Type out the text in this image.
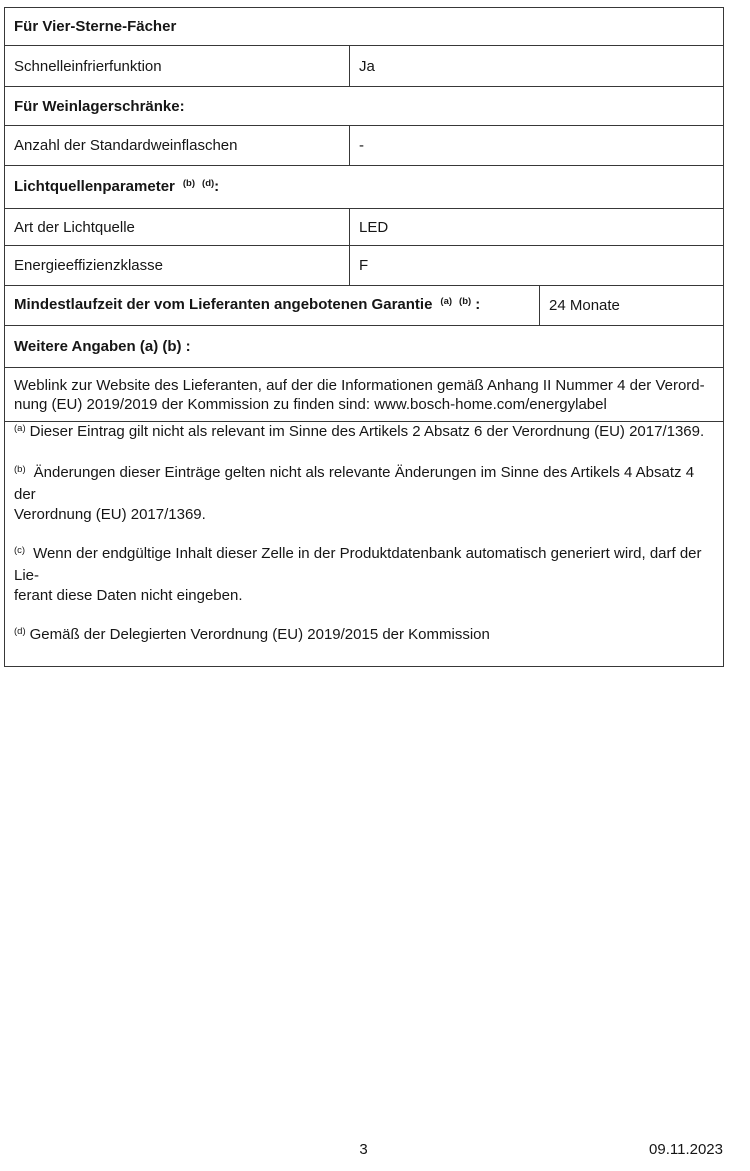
Für Vier-Sterne-Fächer		
Schnelleinfrierfunktion	Ja	
Für Weinlagerschränke:		
Anzahl der Standardweinflaschen	-	
Lichtquellenparameter $^{(b)}$ $^{(d)}$:		
Art der Lichtquelle	LED	
Energieeffizienzklasse	F	
Mindestlaufzeit der vom Lieferanten angebotenen Garantie $^{(a)}$ $^{(b)}$ :		24 Monate
Weitere Angaben (a) (b) :		
Weblink zur Website des Lieferanten, auf der die Informationen gemäß Anhang II Nummer 4 der Verord-
nung (EU) 2019/2019 der Kommission zu finden sind: www.bosch-home.com/energylabel		

$^{(a)}$ Dieser Eintrag gilt nicht als relevant im Sinne des Artikels 2 Absatz 6 der Verordnung (EU) 2017/1369.

$^{(b)}$ Änderungen dieser Einträge gelten nicht als relevante Änderungen im Sinne des Artikels 4 Absatz 4 der
Verordnung (EU) 2017/1369.

$^{(c)}$ Wenn der endgültige Inhalt dieser Zelle in der Produktdatenbank automatisch generiert wird, darf der Lie-
ferant diese Daten nicht eingeben.

$^{(d)}$ Gemäß der Delegierten Verordnung (EU) 2019/2015 der Kommission

3	09.11.2023
